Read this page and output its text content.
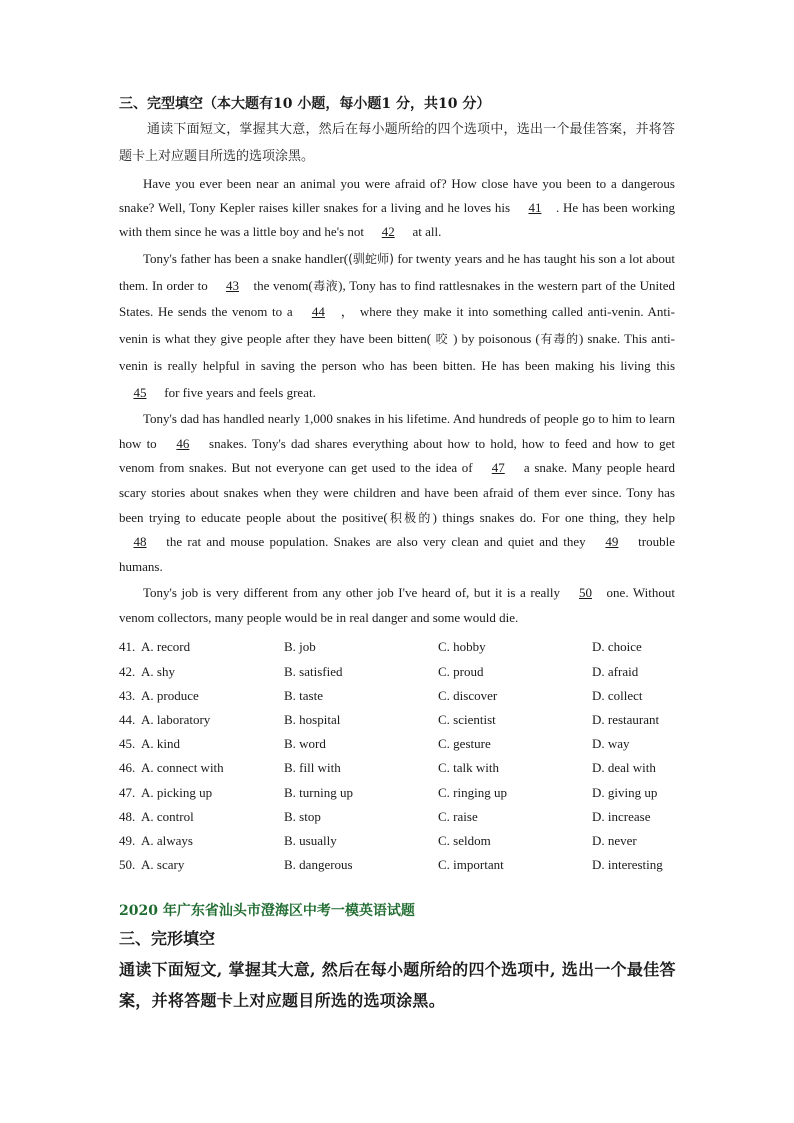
三、完型填空（本大题有10 小题，每小题1 分，共10 分）

通读下面短文，掌握其大意，然后在每小题所给的四个选项中，选出一个最佳答案，并将答题卡上对应题目所选的选项涂黑。

Have you ever been near an animal you were afraid of? How close have you been to a dangerous snake? Well, Tony Kepler raises killer snakes for a living and he loves his 41 . He has been working with them since he was a little boy and he's not 42 at all.

Tony's father has been a snake handler((驯蛇师) for twenty years and he has taught his son a lot about them. In order to 43 the venom(毒液), Tony has to find rattlesnakes in the western part of the United States. He sends the venom to a 44 ， where they make it into something called anti-venin. Anti-venin is what they give people after they have been bitten( 咬 ) by poisonous (有毒的) snake. This anti-venin is really helpful in saving the person who has been bitten. He has been making his living this 45 for five years and feels great.

Tony's dad has handled nearly 1,000 snakes in his lifetime. And hundreds of people go to him to learn how to 46 snakes. Tony's dad shares everything about how to hold, how to feed and how to get venom from snakes. But not everyone can get used to the idea of 47 a snake. Many people heard scary stories about snakes when they were children and have been afraid of them ever since. Tony has been trying to educate people about the positive(积极的) things snakes do. For one thing, they help 48 the rat and mouse population. Snakes are also very clean and quiet and they 49 trouble humans.

Tony's job is very different from any other job I've heard of, but it is a really 50 one. Without venom collectors, many people would be in real danger and some would die.

41. A. record	B. job	C. hobby	D. choice
42. A. shy	B. satisfied	C. proud	D. afraid
43. A. produce	B. taste	C. discover	D. collect
44. A. laboratory	B. hospital	C. scientist	D. restaurant
45. A. kind	B. word	C. gesture	D. way
46. A. connect with	B. fill with	C. talk with	D. deal with
47. A. picking up	B. turning up	C. ringing up	D. giving up
48. A. control	B. stop	C. raise	D. increase
49. A. always	B. usually	C. seldom	D. never
50. A. scary	B. dangerous	C. important	D. interesting

2020 年广东省汕头市澄海区中考一模英语试题

三、完形填空

通读下面短文, 掌握其大意, 然后在每小题所给的四个选项中, 选出一个最佳答案，并将答题卡上对应题目所选的选项涂黑。
